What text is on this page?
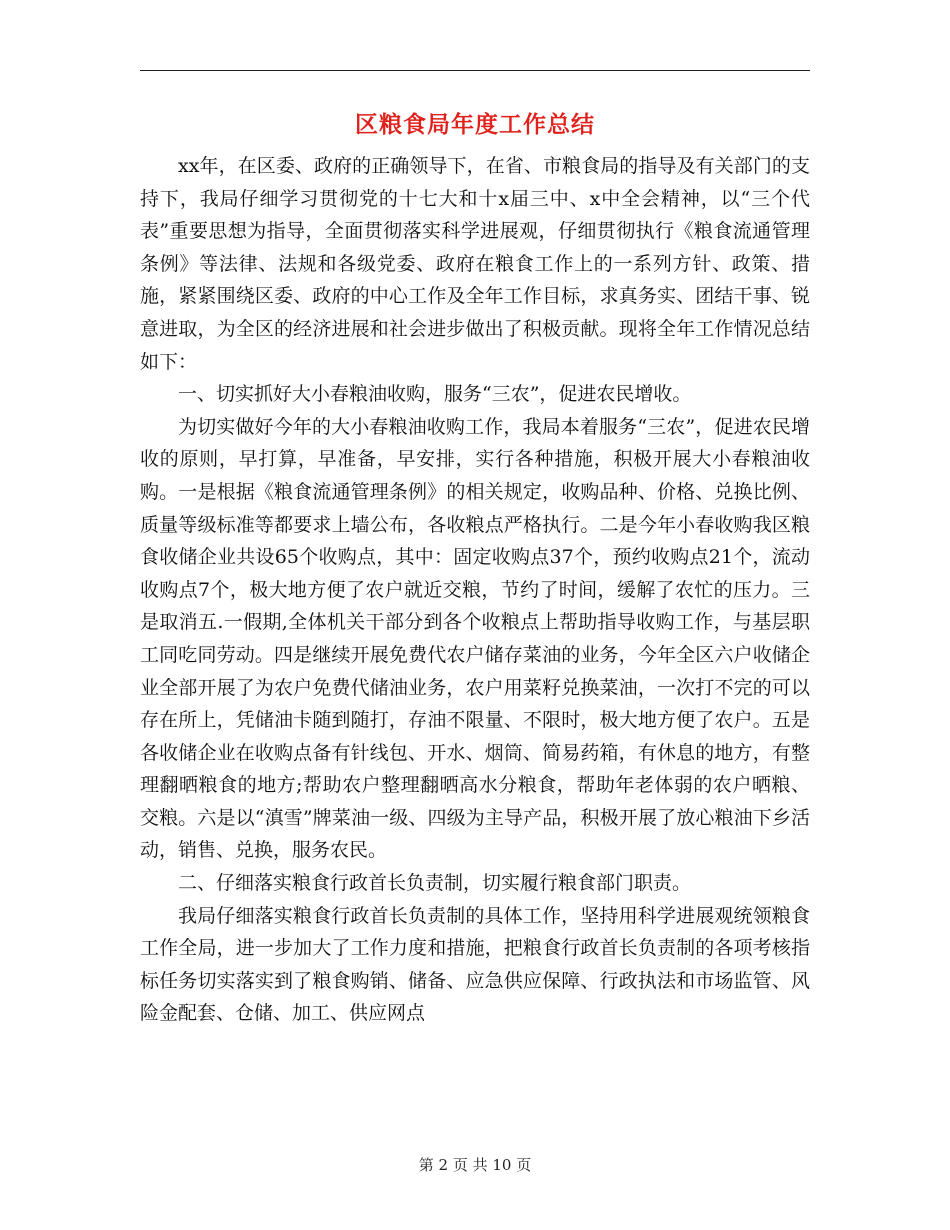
区粮食局年度工作总结

xx年，在区委、政府的正确领导下，在省、市粮食局的指导及有关部门的支持下，我局仔细学习贯彻党的十七大和十x届三中、x中全会精神，以“三个代表”重要思想为指导，全面贯彻落实科学进展观，仔细贯彻执行《粮食流通管理条例》等法律、法规和各级党委、政府在粮食工作上的一系列方针、政策、措施，紧紧围绕区委、政府的中心工作及全年工作目标，求真务实、团结干事、锐意进取，为全区的经济进展和社会进步做出了积极贡献。现将全年工作情况总结如下：

一、切实抓好大小春粮油收购，服务“三农”，促进农民增收。

为切实做好今年的大小春粮油收购工作，我局本着服务“三农”，促进农民增收的原则，早打算，早准备，早安排，实行各种措施，积极开展大小春粮油收购。一是根据《粮食流通管理条例》的相关规定，收购品种、价格、兑换比例、质量等级标准等都要求上墙公布，各收粮点严格执行。二是今年小春收购我区粮食收储企业共设65个收购点，其中：固定收购点37个，预约收购点21个，流动收购点7个，极大地方便了农户就近交粮，节约了时间，缓解了农忙的压力。三是取消五.一假期,全体机关干部分到各个收粮点上帮助指导收购工作，与基层职工同吃同劳动。四是继续开展免费代农户储存菜油的业务，今年全区六户收储企业全部开展了为农户免费代储油业务，农户用菜籽兑换菜油，一次打不完的可以存在所上，凭储油卡随到随打，存油不限量、不限时，极大地方便了农户。五是各收储企业在收购点备有针线包、开水、烟筒、简易药箱，有休息的地方，有整理翻晒粮食的地方;帮助农户整理翻晒高水分粮食，帮助年老体弱的农户晒粮、交粮。六是以“滇雪”牌菜油一级、四级为主导产品，积极开展了放心粮油下乡活动，销售、兑换，服务农民。

二、仔细落实粮食行政首长负责制，切实履行粮食部门职责。

我局仔细落实粮食行政首长负责制的具体工作，坚持用科学进展观统领粮食工作全局，进一步加大了工作力度和措施，把粮食行政首长负责制的各项考核指标任务切实落实到了粮食购销、储备、应急供应保障、行政执法和市场监管、风险金配套、仓储、加工、供应网点

第 2 页 共 10 页
